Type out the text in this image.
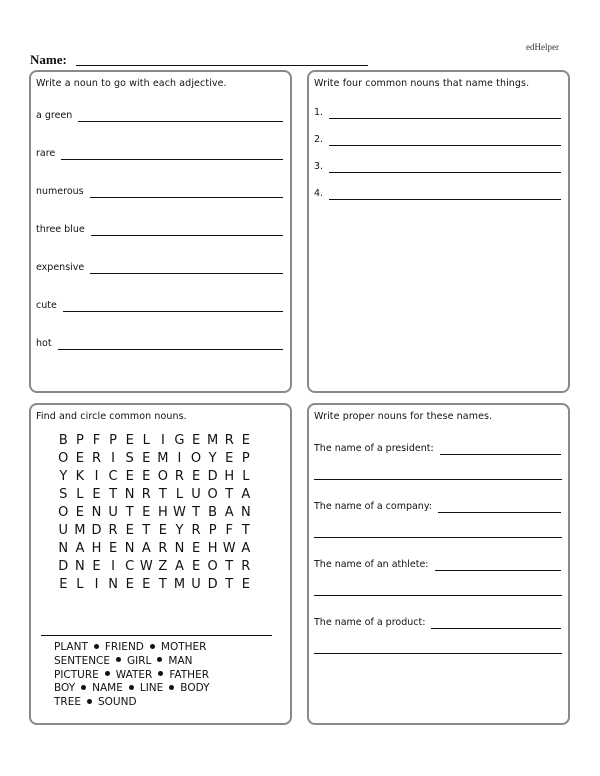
edHelper
Name:
Write a noun to go with each adjective.
a green
rare
numerous
three blue
expensive
cute
hot
Write four common nouns that name things.
1.
2.
3.
4.
Find and circle common nouns.
B P F P E L I G E M R E
O E R I S E M I O Y E P
Y K I C E E O R E D H L
S L E T N R T L U O T A
O E N U T E H W T B A N
U M D R E T E Y R P F T
N A H E N A R N E H W A
D N E I C W Z A E O T R
E L I N E E T M U D T E
PLANT FRIEND MOTHER
SENTENCE GIRL MAN
PICTURE WATER FATHER
BOY NAME LINE BODY
TREE SOUND
Write proper nouns for these names.
The name of a president:
The name of a company:
The name of an athlete:
The name of a product:
